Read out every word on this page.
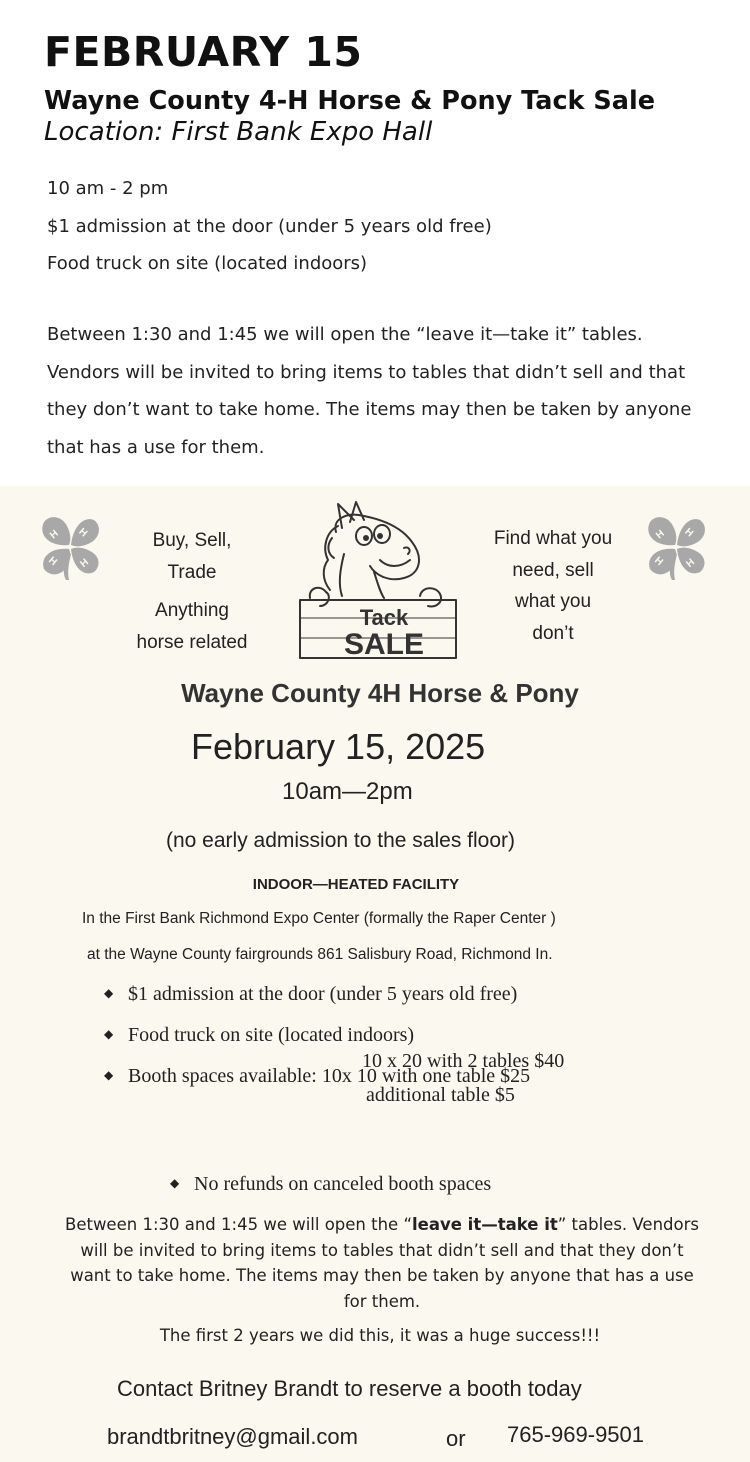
FEBRUARY 15
Wayne County 4-H Horse & Pony Tack Sale
Location: First Bank Expo Hall
10 am - 2 pm
$1 admission at the door (under 5 years old free)
Food truck on site (located indoors)

Between 1:30 and 1:45 we will open the “leave it—take it” tables. Vendors will be invited to bring items to tables that didn’t sell and that they don’t want to take home. The items may then be taken by anyone that has a use for them.

H H
H H
H H
H H
Buy, Sell,
Trade
Anything
horse related
Tack
SALE
Find what you
need, sell
what you
don’t
Wayne County 4H Horse & Pony
February 15, 2025
10am—2pm
(no early admission to the sales floor)
INDOOR—HEATED FACILITY
In the First Bank Richmond Expo Center (formally the Raper Center )
at the Wayne County fairgrounds 861 Salisbury Road, Richmond In.
◆ $1 admission at the door (under 5 years old free)
◆ Food truck on site (located indoors)
◆ Booth spaces available: 10x 10 with one table $25
10 x 20 with 2 tables $40
additional table $5
◆ No refunds on canceled booth spaces

Between 1:30 and 1:45 we will open the “leave it—take it” tables. Vendors will be invited to bring items to tables that didn’t sell and that they don’t want to take home. The items may then be taken by anyone that has a use for them.

The first 2 years we did this, it was a huge success!!!
Contact Britney Brandt to reserve a booth today
brandtbritney@gmail.com	or 765-969-9501
